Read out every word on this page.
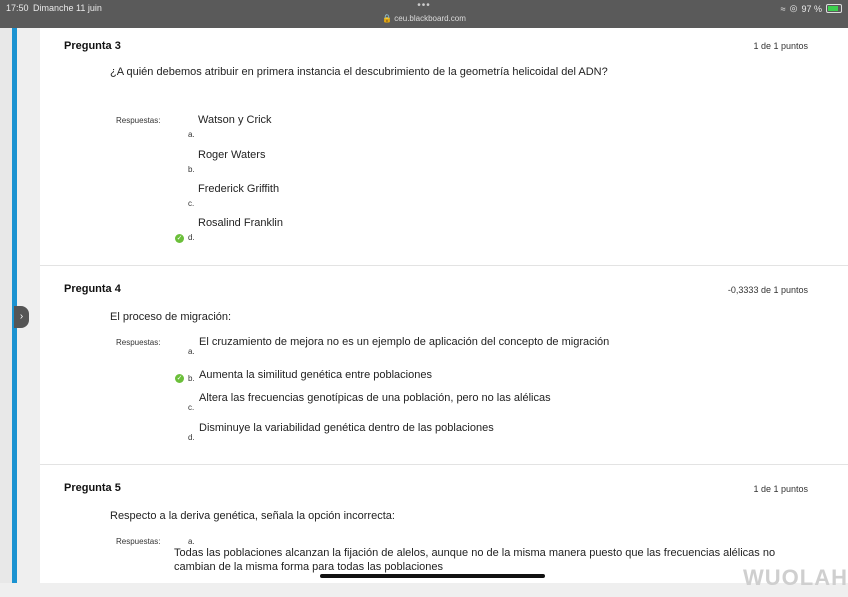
17:50 Dimanche 11 juin	•••
🔒 ceu.blackboard.com
≈ ◎ 97 %
›
Pregunta 3	1 de 1 puntos
¿A quién debemos atribuir en primera instancia el descubrimiento de la geometría helicoidal del ADN?
Respuestas:	Watson y Crick
a.
Roger Waters
b.
Frederick Griffith
c.
Rosalind Franklin
✓ d.
Pregunta 4	-0,3333 de 1 puntos
El proceso de migración:
Respuestas:	El cruzamiento de mejora no es un ejemplo de aplicación del concepto de migración
a.
✓ b. Aumenta la similitud genética entre poblaciones
Altera las frecuencias genotípicas de una población, pero no las alélicas
c.
Disminuye la variabilidad genética dentro de las poblaciones
d.
Pregunta 5	1 de 1 puntos
Respecto a la deriva genética, señala la opción incorrecta:
Respuestas:	a.
Todas las poblaciones alcanzan la fijación de alelos, aunque no de la misma manera puesto que las frecuencias alélicas no
cambian de la misma forma para todas las poblaciones	WUOLAH
